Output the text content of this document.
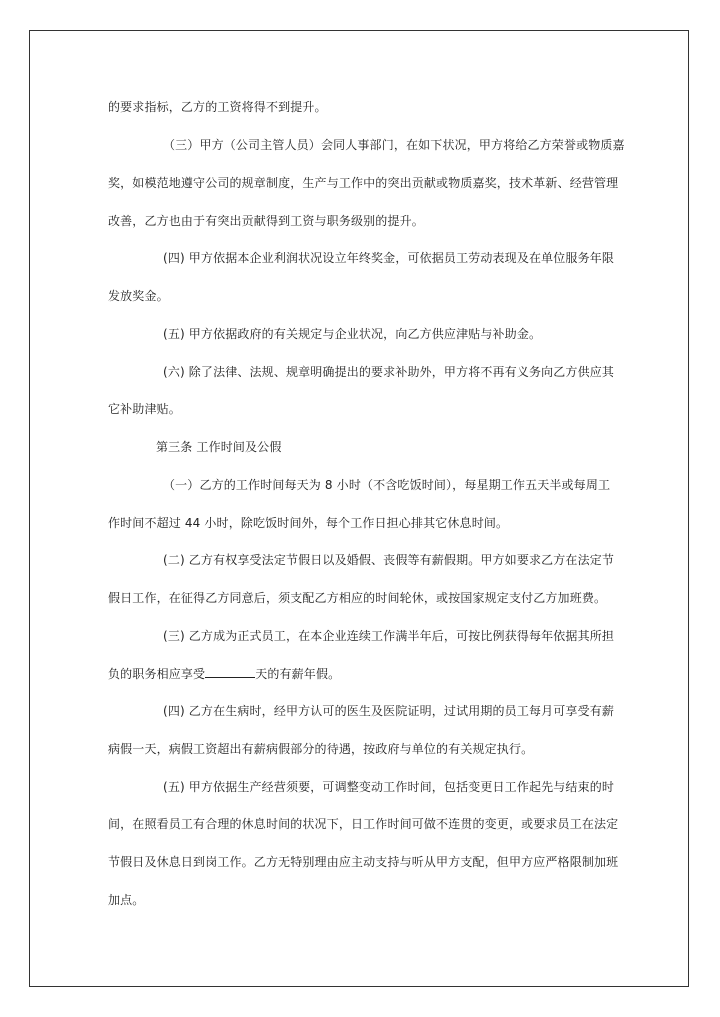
的要求指标，乙方的工资将得不到提升。
（三）甲方（公司主管人员）会同人事部门，在如下状况，甲方将给乙方荣誉或物质嘉
奖，如模范地遵守公司的规章制度，生产与工作中的突出贡献或物质嘉奖，技术革新、经营管理
改善，乙方也由于有突出贡献得到工资与职务级别的提升。
(四) 甲方依据本企业利润状况设立年终奖金，可依据员工劳动表现及在单位服务年限
发放奖金。
(五) 甲方依据政府的有关规定与企业状况，向乙方供应津贴与补助金。
(六) 除了法律、法规、规章明确提出的要求补助外，甲方将不再有义务向乙方供应其
它补助津贴。
第三条 工作时间及公假
（一）乙方的工作时间每天为 8 小时（不含吃饭时间），每星期工作五天半或每周工
作时间不超过 44 小时，除吃饭时间外，每个工作日担心排其它休息时间。
(二) 乙方有权享受法定节假日以及婚假、丧假等有薪假期。甲方如要求乙方在法定节
假日工作，在征得乙方同意后，须支配乙方相应的时间轮休，或按国家规定支付乙方加班费。
(三) 乙方成为正式员工，在本企业连续工作满半年后，可按比例获得每年依据其所担
负的职务相应享受	天的有薪年假。
(四) 乙方在生病时，经甲方认可的医生及医院证明，过试用期的员工每月可享受有薪
病假一天，病假工资超出有薪病假部分的待遇，按政府与单位的有关规定执行。
(五) 甲方依据生产经营须要，可调整变动工作时间，包括变更日工作起先与结束的时
间，在照看员工有合理的休息时间的状况下，日工作时间可做不连贯的变更，或要求员工在法定
节假日及休息日到岗工作。乙方无特别理由应主动支持与听从甲方支配，但甲方应严格限制加班
加点。
